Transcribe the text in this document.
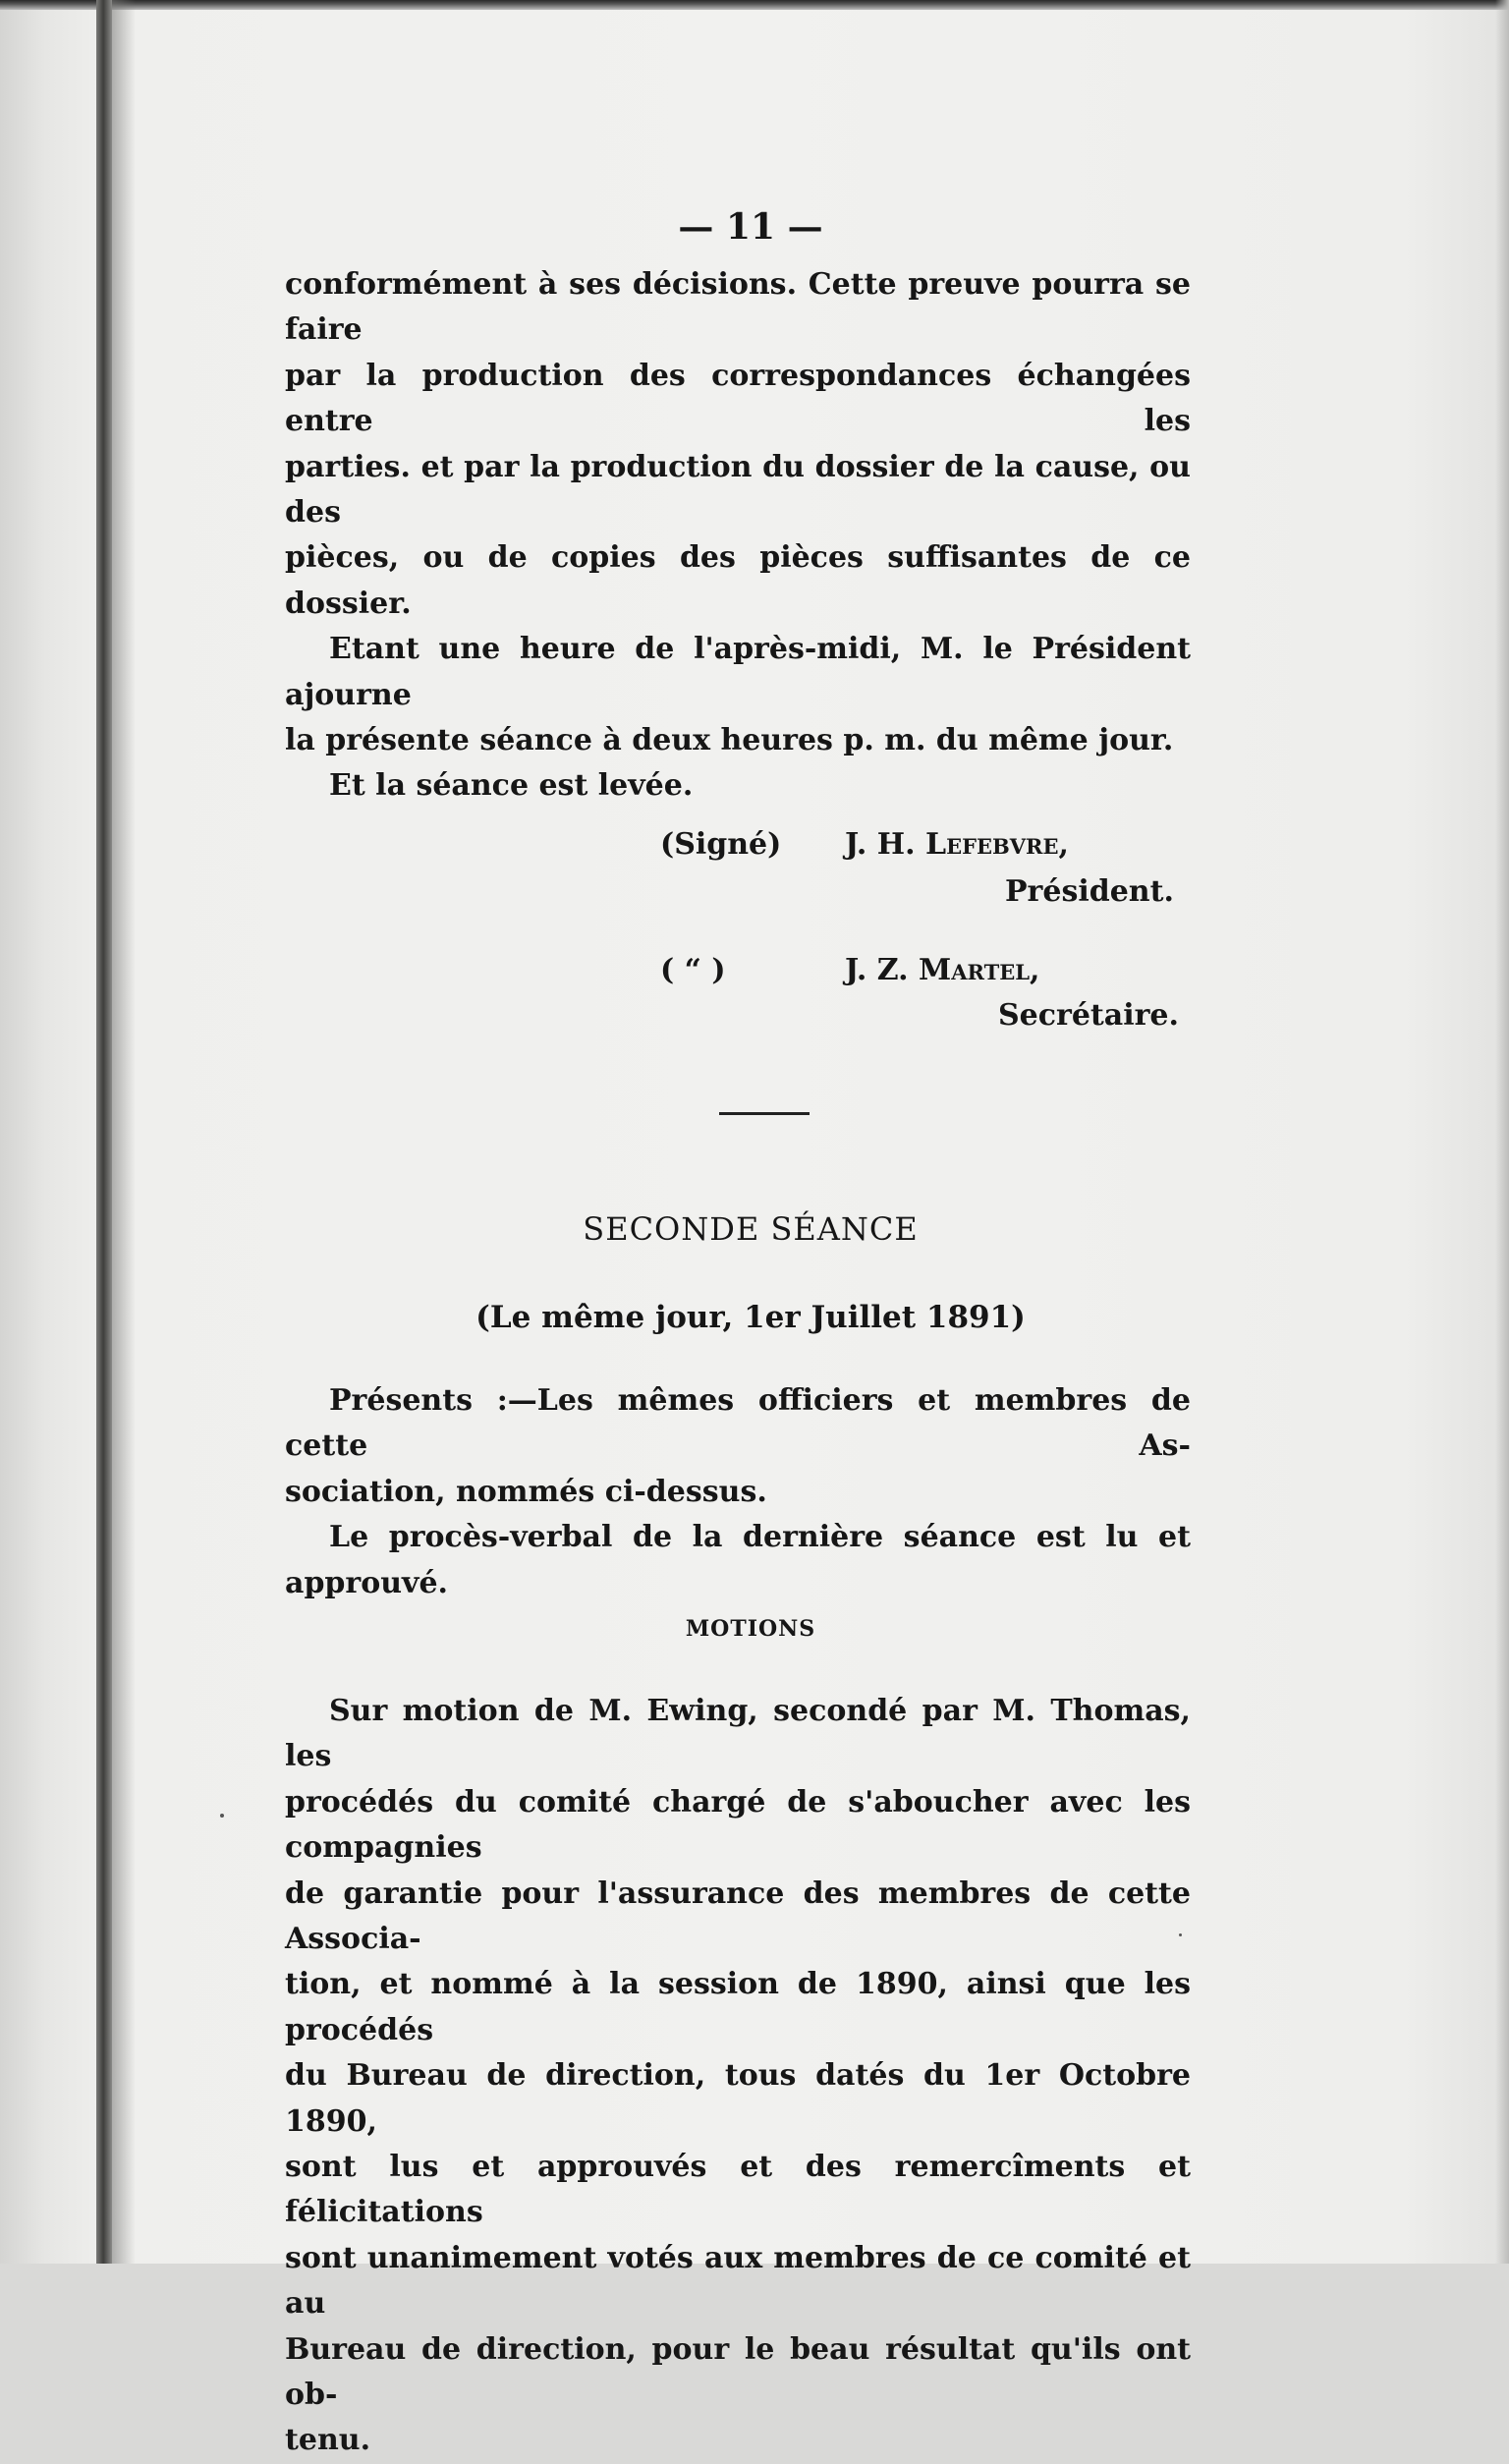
— 11 —

conformément à ses décisions. Cette preuve pourra se faire
par la production des correspondances échangées entre les
parties. et par la production du dossier de la cause, ou des
pièces, ou de copies des pièces suffisantes de ce dossier.

Etant une heure de l'après-midi, M. le Président ajourne
la présente séance à deux heures p. m. du même jour.

Et la séance est levée.

(Signé) J. H. Lefebvre,
Président.
( “ )	J. Z. Martel,
Secrétaire.
SECONDE SÉANCE
(Le même jour, 1er Juillet 1891)

Présents :—Les mêmes officiers et membres de cette As-
sociation, nommés ci-dessus.

Le procès-verbal de la dernière séance est lu et approuvé.

MOTIONS

Sur motion de M. Ewing, secondé par M. Thomas, les
procédés du comité chargé de s'aboucher avec les compagnies
de garantie pour l'assurance des membres de cette Associa-
tion, et nommé à la session de 1890, ainsi que les procédés
du Bureau de direction, tous datés du 1er Octobre 1890,
sont lus et approuvés et des remercîments et félicitations
sont unanimement votés aux membres de ce comité et au
Bureau de direction, pour le beau résultat qu'ils ont ob-
tenu.
